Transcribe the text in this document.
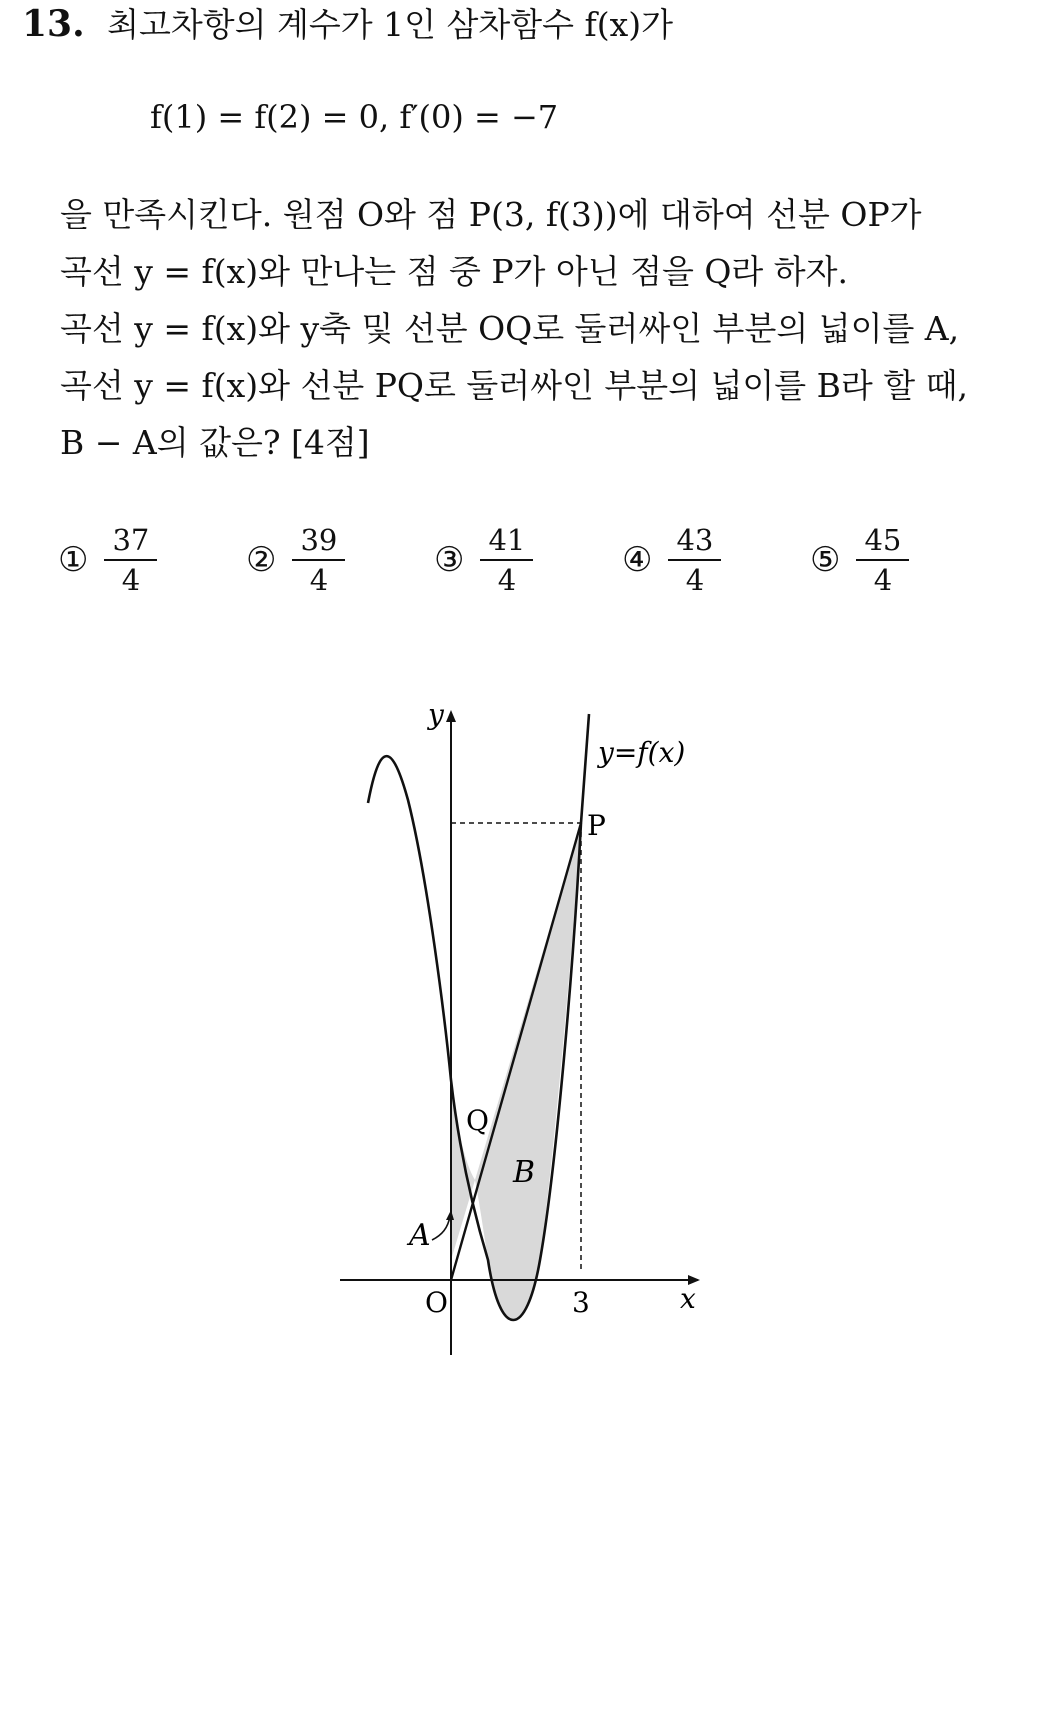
13. 최고차항의 계수가 1인 삼차함수 f(x)가
f(1) = f(2) = 0, f′(0) = −7
을 만족시킨다. 원점 O와 점 P(3, f(3))에 대하여 선분 OP가
곡선 y = f(x)와 만나는 점 중 P가 아닌 점을 Q라 하자.
곡선 y = f(x)와 y축 및 선분 OQ로 둘러싸인 부분의 넓이를 A,
곡선 y = f(x)와 선분 PQ로 둘러싸인 부분의 넓이를 B라 할 때,
B − A의 값은? [4점]
① $\frac{37}{4}$	② $\frac{39}{4}$	③ $\frac{41}{4}$	④ $\frac{43}{4}$	⑤ $\frac{45}{4}$
y
y=f(x)
P
Q
B
A
O	3	x
